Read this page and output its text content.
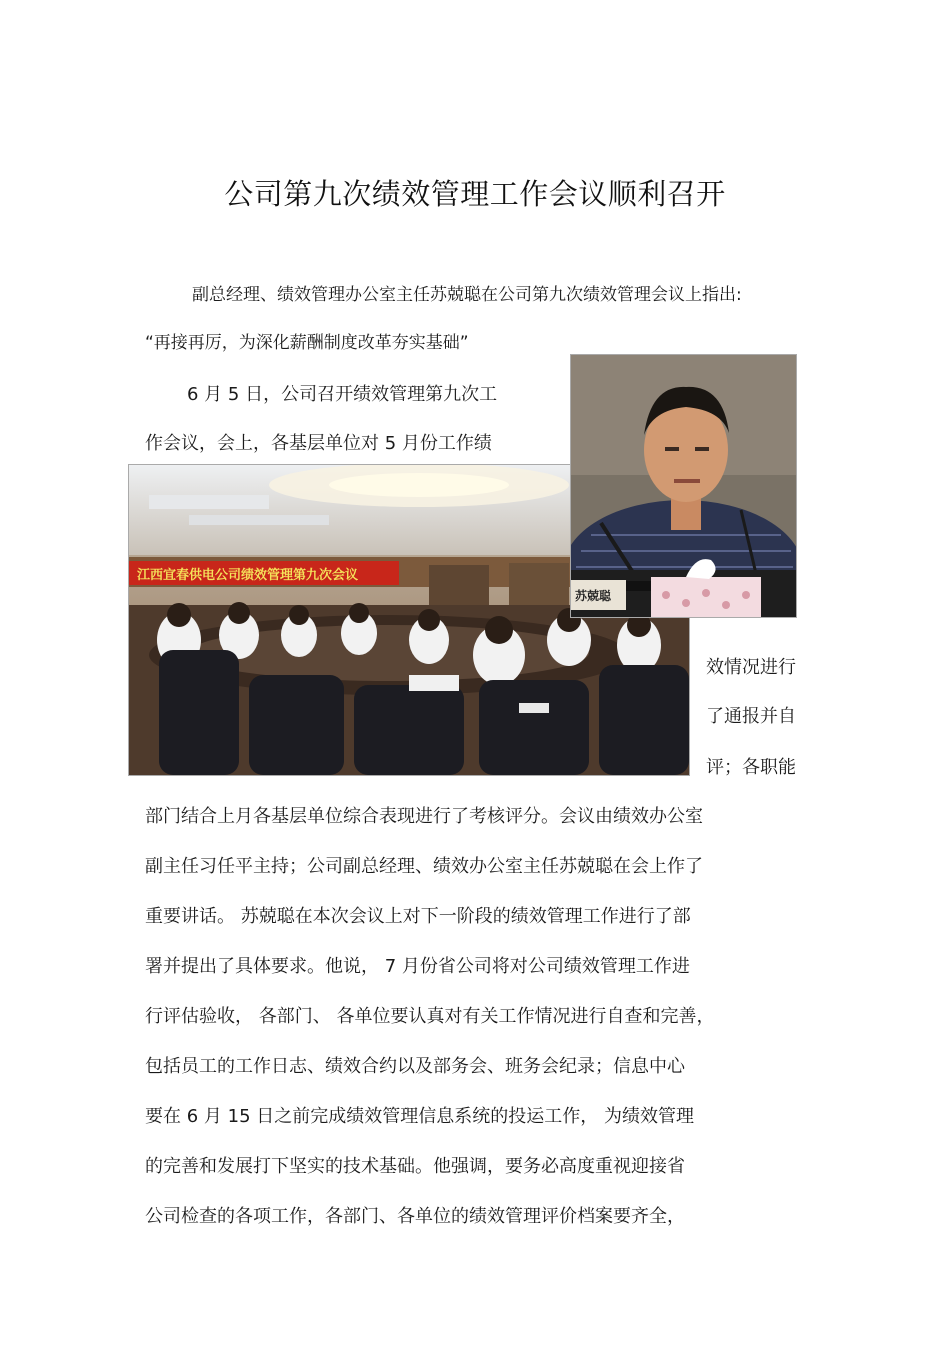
公司第九次绩效管理工作会议顺利召开
副总经理、绩效管理办公室主任苏兢聪在公司第九次绩效管理会议上指出:
“再接再厉，为深化薪酬制度改革夯实基础”
6 月 5 日，公司召开绩效管理第九次工
作会议，会上，各基层单位对 5 月份工作绩
效情况进行
了通报并自
评；各职能
部门结合上月各基层单位综合表现进行了考核评分。会议由绩效办公室
副主任习任平主持；公司副总经理、绩效办公室主任苏兢聪在会上作了
重要讲话。 苏兢聪在本次会议上对下一阶段的绩效管理工作进行了部
署并提出了具体要求。他说， 7 月份省公司将对公司绩效管理工作进
行评估验收， 各部门、 各单位要认真对有关工作情况进行自查和完善，
包括员工的工作日志、绩效合约以及部务会、班务会纪录；信息中心
要在 6 月 15 日之前完成绩效管理信息系统的投运工作， 为绩效管理
的完善和发展打下坚实的技术基础。他强调，要务必高度重视迎接省
公司检查的各项工作，各部门、各单位的绩效管理评价档案要齐全，
江西宜春供电公司绩效管理第九次会议
苏兢聪
